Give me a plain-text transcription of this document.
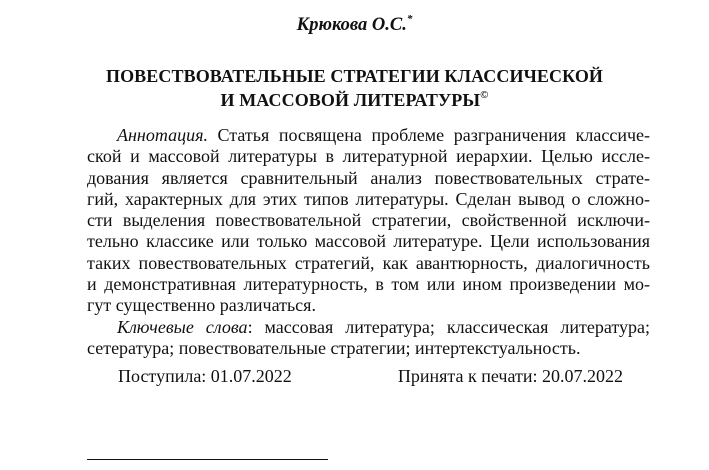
Крюкова О.С.*
ПОВЕСТВОВАТЕЛЬНЫЕ СТРАТЕГИИ КЛАССИЧЕСКОЙ
И МАССОВОЙ ЛИТЕРАТУРЫ©
Аннотация. Статья посвящена проблеме разграничения классиче-
ской и массовой литературы в литературной иерархии. Целью иссле-
дования является сравнительный анализ повествовательных страте-
гий, характерных для этих типов литературы. Сделан вывод о сложно-
сти выделения повествовательной стратегии, свойственной исключи-
тельно классике или только массовой литературе. Цели использования
таких повествовательных стратегий, как авантюрность, диалогичность
и демонстративная литературность, в том или ином произведении мо-
гут существенно различаться.
Ключевые слова: массовая литература; классическая литература;
сетература; повествовательные стратегии; интертекстуальность.
Поступила: 01.07.2022	Принята к печати: 20.07.2022
